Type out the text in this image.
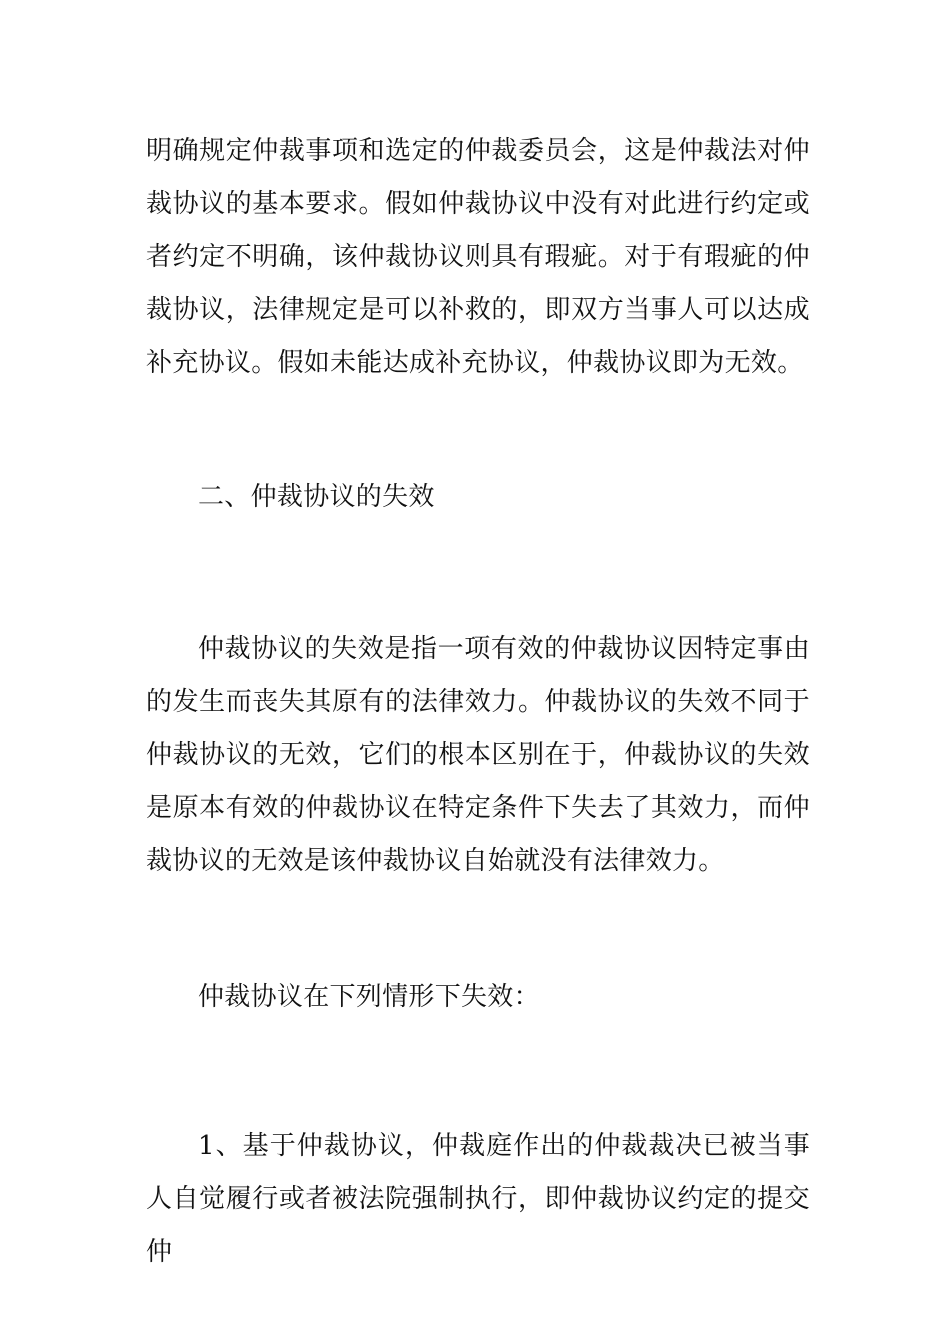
明确规定仲裁事项和选定的仲裁委员会，这是仲裁法对仲裁协议的基本要求。假如仲裁协议中没有对此进行约定或者约定不明确，该仲裁协议则具有瑕疵。对于有瑕疵的仲裁协议，法律规定是可以补救的，即双方当事人可以达成补充协议。假如未能达成补充协议，仲裁协议即为无效。

二、仲裁协议的失效

仲裁协议的失效是指一项有效的仲裁协议因特定事由的发生而丧失其原有的法律效力。仲裁协议的失效不同于仲裁协议的无效，它们的根本区别在于，仲裁协议的失效是原本有效的仲裁协议在特定条件下失去了其效力，而仲裁协议的无效是该仲裁协议自始就没有法律效力。

仲裁协议在下列情形下失效：

1、基于仲裁协议，仲裁庭作出的仲裁裁决已被当事人自觉履行或者被法院强制执行，即仲裁协议约定的提交仲
